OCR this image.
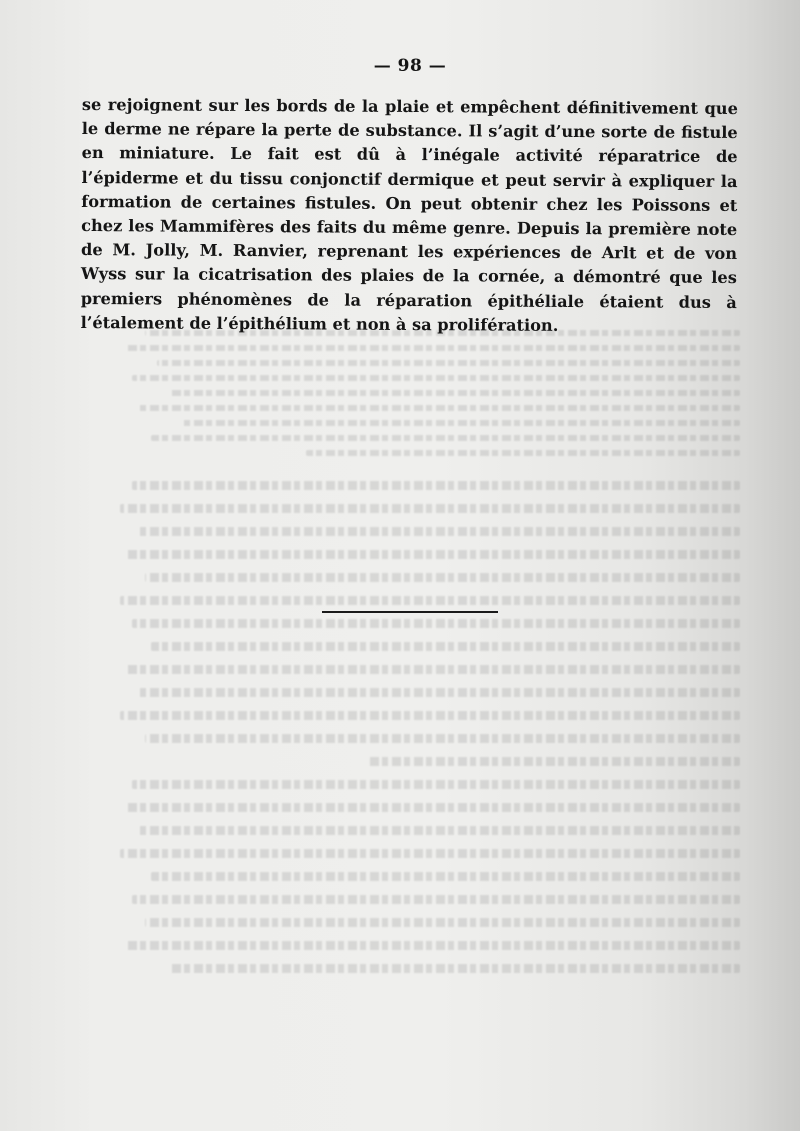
— 98 —

se rejoignent sur les bords de la plaie et empêchent définitivement que le derme ne répare la perte de substance. Il s’agit d’une sorte de fistule en miniature. Le fait est dû à l’inégale activité réparatrice de l’épiderme et du tissu conjonctif dermique et peut servir à expliquer la formation de certaines fistules. On peut obtenir chez les Poissons et chez les Mammifères des faits du même genre. Depuis la première note de M. Jolly, M. Ranvier, reprenant les expériences de Arlt et de von Wyss sur la cicatrisation des plaies de la cornée, a démontré que les premiers phénomènes de la réparation épithéliale étaient dus à l’étalement de l’épithélium et non à sa prolifération.
